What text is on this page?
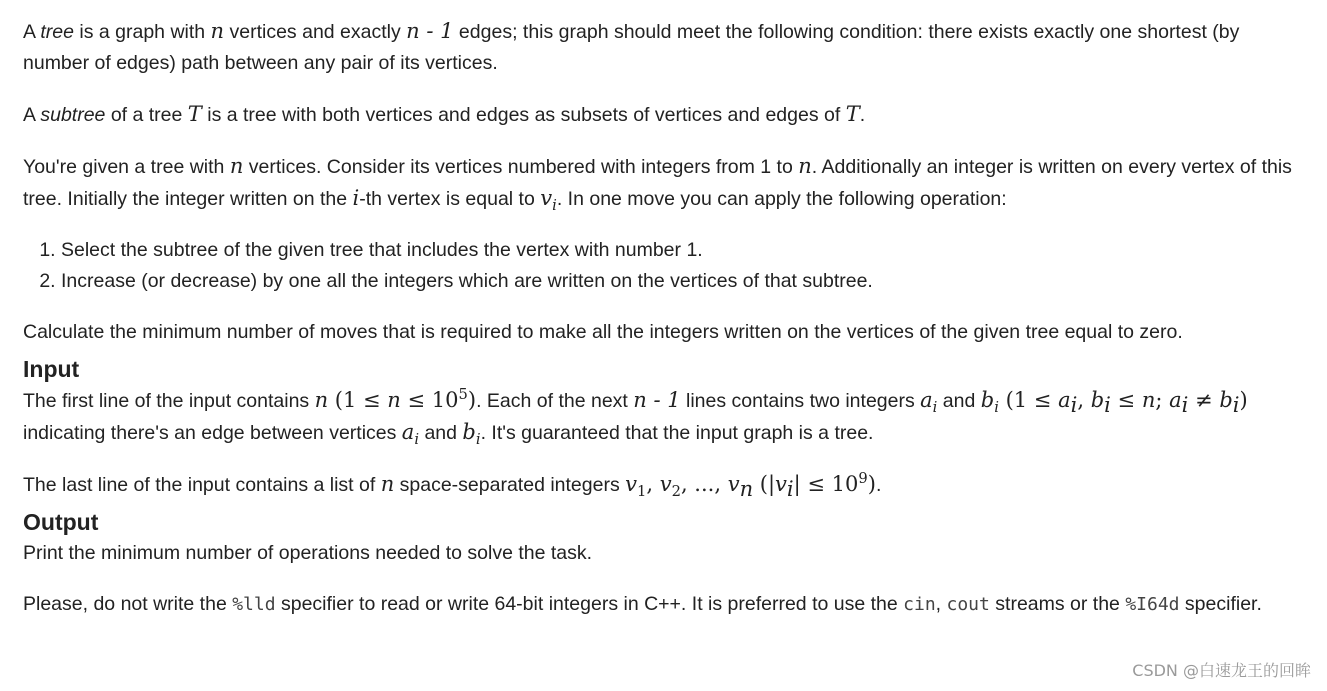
A tree is a graph with n vertices and exactly n - 1 edges; this graph should meet the following condition: there exists exactly one shortest (by number of edges) path between any pair of its vertices.

A subtree of a tree T is a tree with both vertices and edges as subsets of vertices and edges of T.

You're given a tree with n vertices. Consider its vertices numbered with integers from 1 to n. Additionally an integer is written on every vertex of this tree. Initially the integer written on the i-th vertex is equal to $v_i$. In one move you can apply the following operation:

1. Select the subtree of the given tree that includes the vertex with number 1.
2. Increase (or decrease) by one all the integers which are written on the vertices of that subtree.

Calculate the minimum number of moves that is required to make all the integers written on the vertices of the given tree equal to zero.

Input

The first line of the input contains n $(1 \le n \le 10^5)$. Each of the next n - 1 lines contains two integers $a_i$ and $b_i$ ($1 \le a_i$, $b_i \le n$; $a_i \ne b_i$) indicating there's an edge between vertices $a_i$ and $b_i$. It's guaranteed that the input graph is a tree.

The last line of the input contains a list of n space-separated integers $v_1$, $v_2$, ..., $v_n$ $(|v_i| \le 10^9)$.

Output

Print the minimum number of operations needed to solve the task.

Please, do not write the %lld specifier to read or write 64-bit integers in C++. It is preferred to use the cin, cout streams or the %I64d specifier.

CSDN @白速龙王的回眸
